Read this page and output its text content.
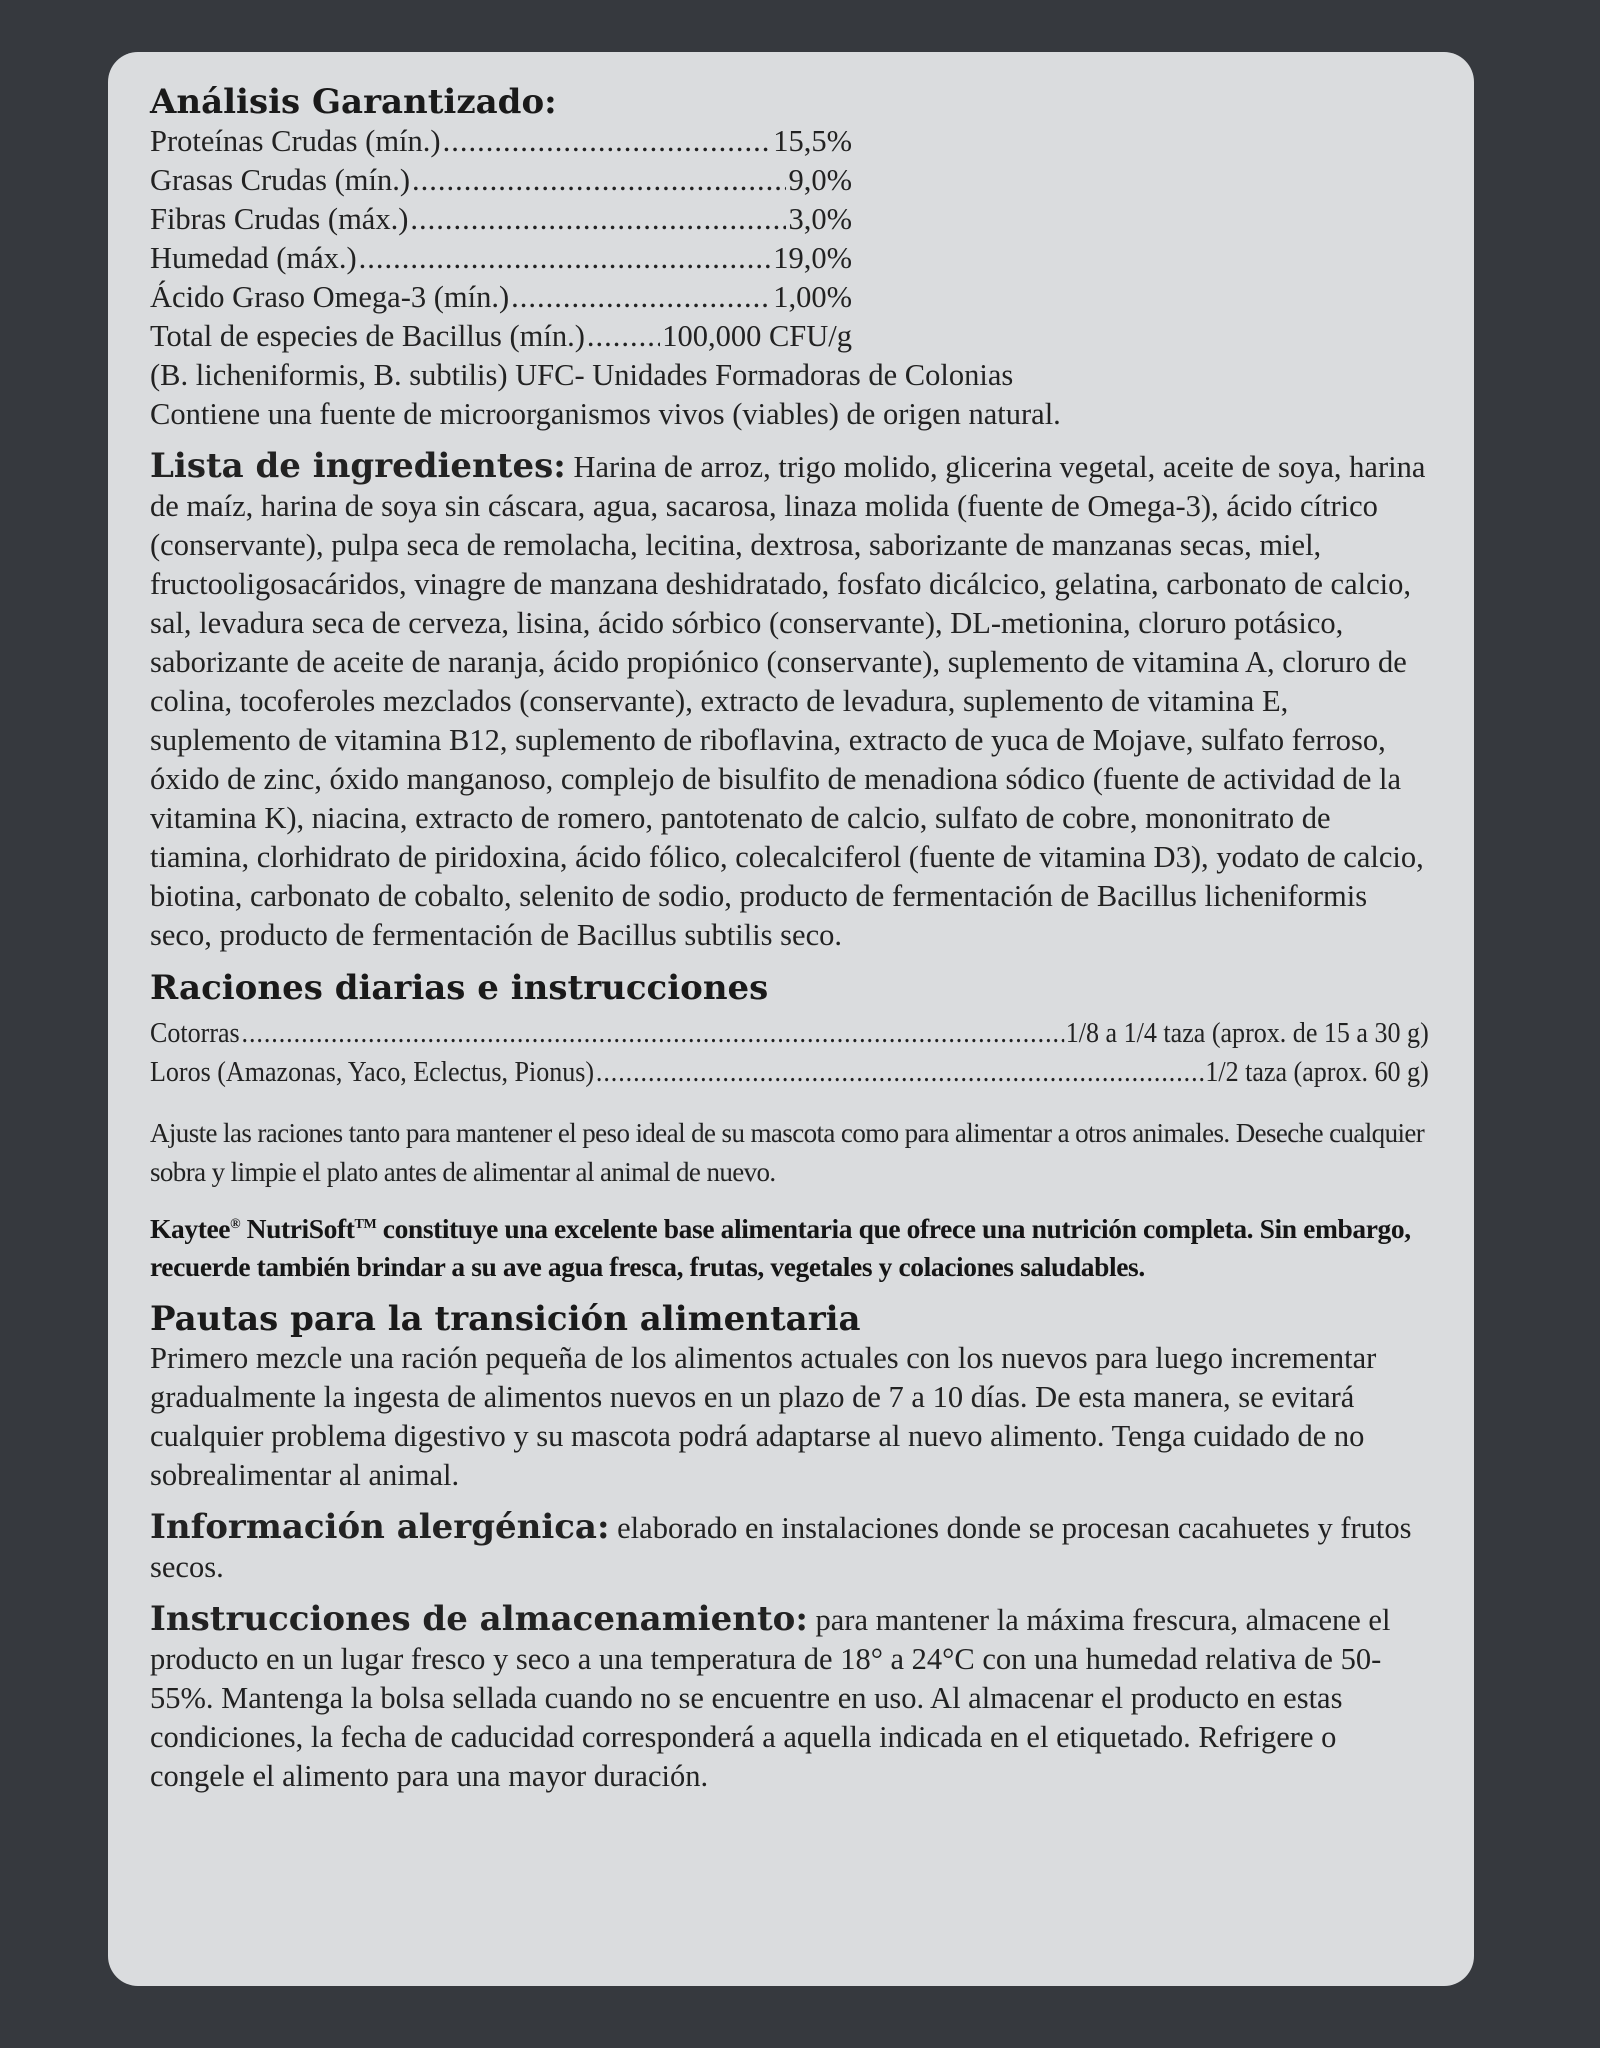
Análisis Garantizado:
Proteínas Crudas (mín.) .....	15,5%
Grasas Crudas (mín.) .....	9,0%
Fibras Crudas (máx.) .....	3,0%
Humedad (máx.) .....	19,0%
Ácido Graso Omega-3 (mín.) .....	1,00%
Total de especies de Bacillus (mín.) .....	100,000 CFU/g
(B. licheniformis, B. subtilis) UFC- Unidades Formadoras de Colonias
Contiene una fuente de microorganismos vivos (viables) de origen natural.
Lista de ingredientes: Harina de arroz, trigo molido, glicerina vegetal, aceite de soya, harina de maíz, harina de soya sin cáscara, agua, sacarosa, linaza molida (fuente de Omega-3), ácido cítrico (conservante), pulpa seca de remolacha, lecitina, dextrosa, saborizante de manzanas secas, miel, fructooligosacáridos, vinagre de manzana deshidratado, fosfato dicálcico, gelatina, carbonato de calcio, sal, levadura seca de cerveza, lisina, ácido sórbico (conservante), DL-metionina, cloruro potásico, saborizante de aceite de naranja, ácido propiónico (conservante), suplemento de vitamina A, cloruro de colina, tocoferoles mezclados (conservante), extracto de levadura, suplemento de vitamina E, suplemento de vitamina B12, suplemento de riboflavina, extracto de yuca de Mojave, sulfato ferroso, óxido de zinc, óxido manganoso, complejo de bisulfito de menadiona sódico (fuente de actividad de la vitamina K), niacina, extracto de romero, pantotenato de calcio, sulfato de cobre, mononitrato de tiamina, clorhidrato de piridoxina, ácido fólico, colecalciferol (fuente de vitamina D3), yodato de calcio, biotina, carbonato de cobalto, selenito de sodio, producto de fermentación de Bacillus licheniformis seco, producto de fermentación de Bacillus subtilis seco.
Raciones diarias e instrucciones
Cotorras .....	1/8 a 1/4 taza (aprox. de 15 a 30 g)
Loros (Amazonas, Yaco, Eclectus, Pionus) .....	1/2 taza (aprox. 60 g)
Ajuste las raciones tanto para mantener el peso ideal de su mascota como para alimentar a otros animales. Deseche cualquier sobra y limpie el plato antes de alimentar al animal de nuevo.
Kaytee® NutriSoft™ constituye una excelente base alimentaria que ofrece una nutrición completa. Sin embargo, recuerde también brindar a su ave agua fresca, frutas, vegetales y colaciones saludables.
Pautas para la transición alimentaria
Primero mezcle una ración pequeña de los alimentos actuales con los nuevos para luego incrementar gradualmente la ingesta de alimentos nuevos en un plazo de 7 a 10 días. De esta manera, se evitará cualquier problema digestivo y su mascota podrá adaptarse al nuevo alimento. Tenga cuidado de no sobrealimentar al animal.
Información alergénica: elaborado en instalaciones donde se procesan cacahuetes y frutos secos.
Instrucciones de almacenamiento: para mantener la máxima frescura, almacene el producto en un lugar fresco y seco a una temperatura de 18° a 24°C con una humedad relativa de 50-55%. Mantenga la bolsa sellada cuando no se encuentre en uso. Al almacenar el producto en estas condiciones, la fecha de caducidad corresponderá a aquella indicada en el etiquetado. Refrigere o congele el alimento para una mayor duración.
